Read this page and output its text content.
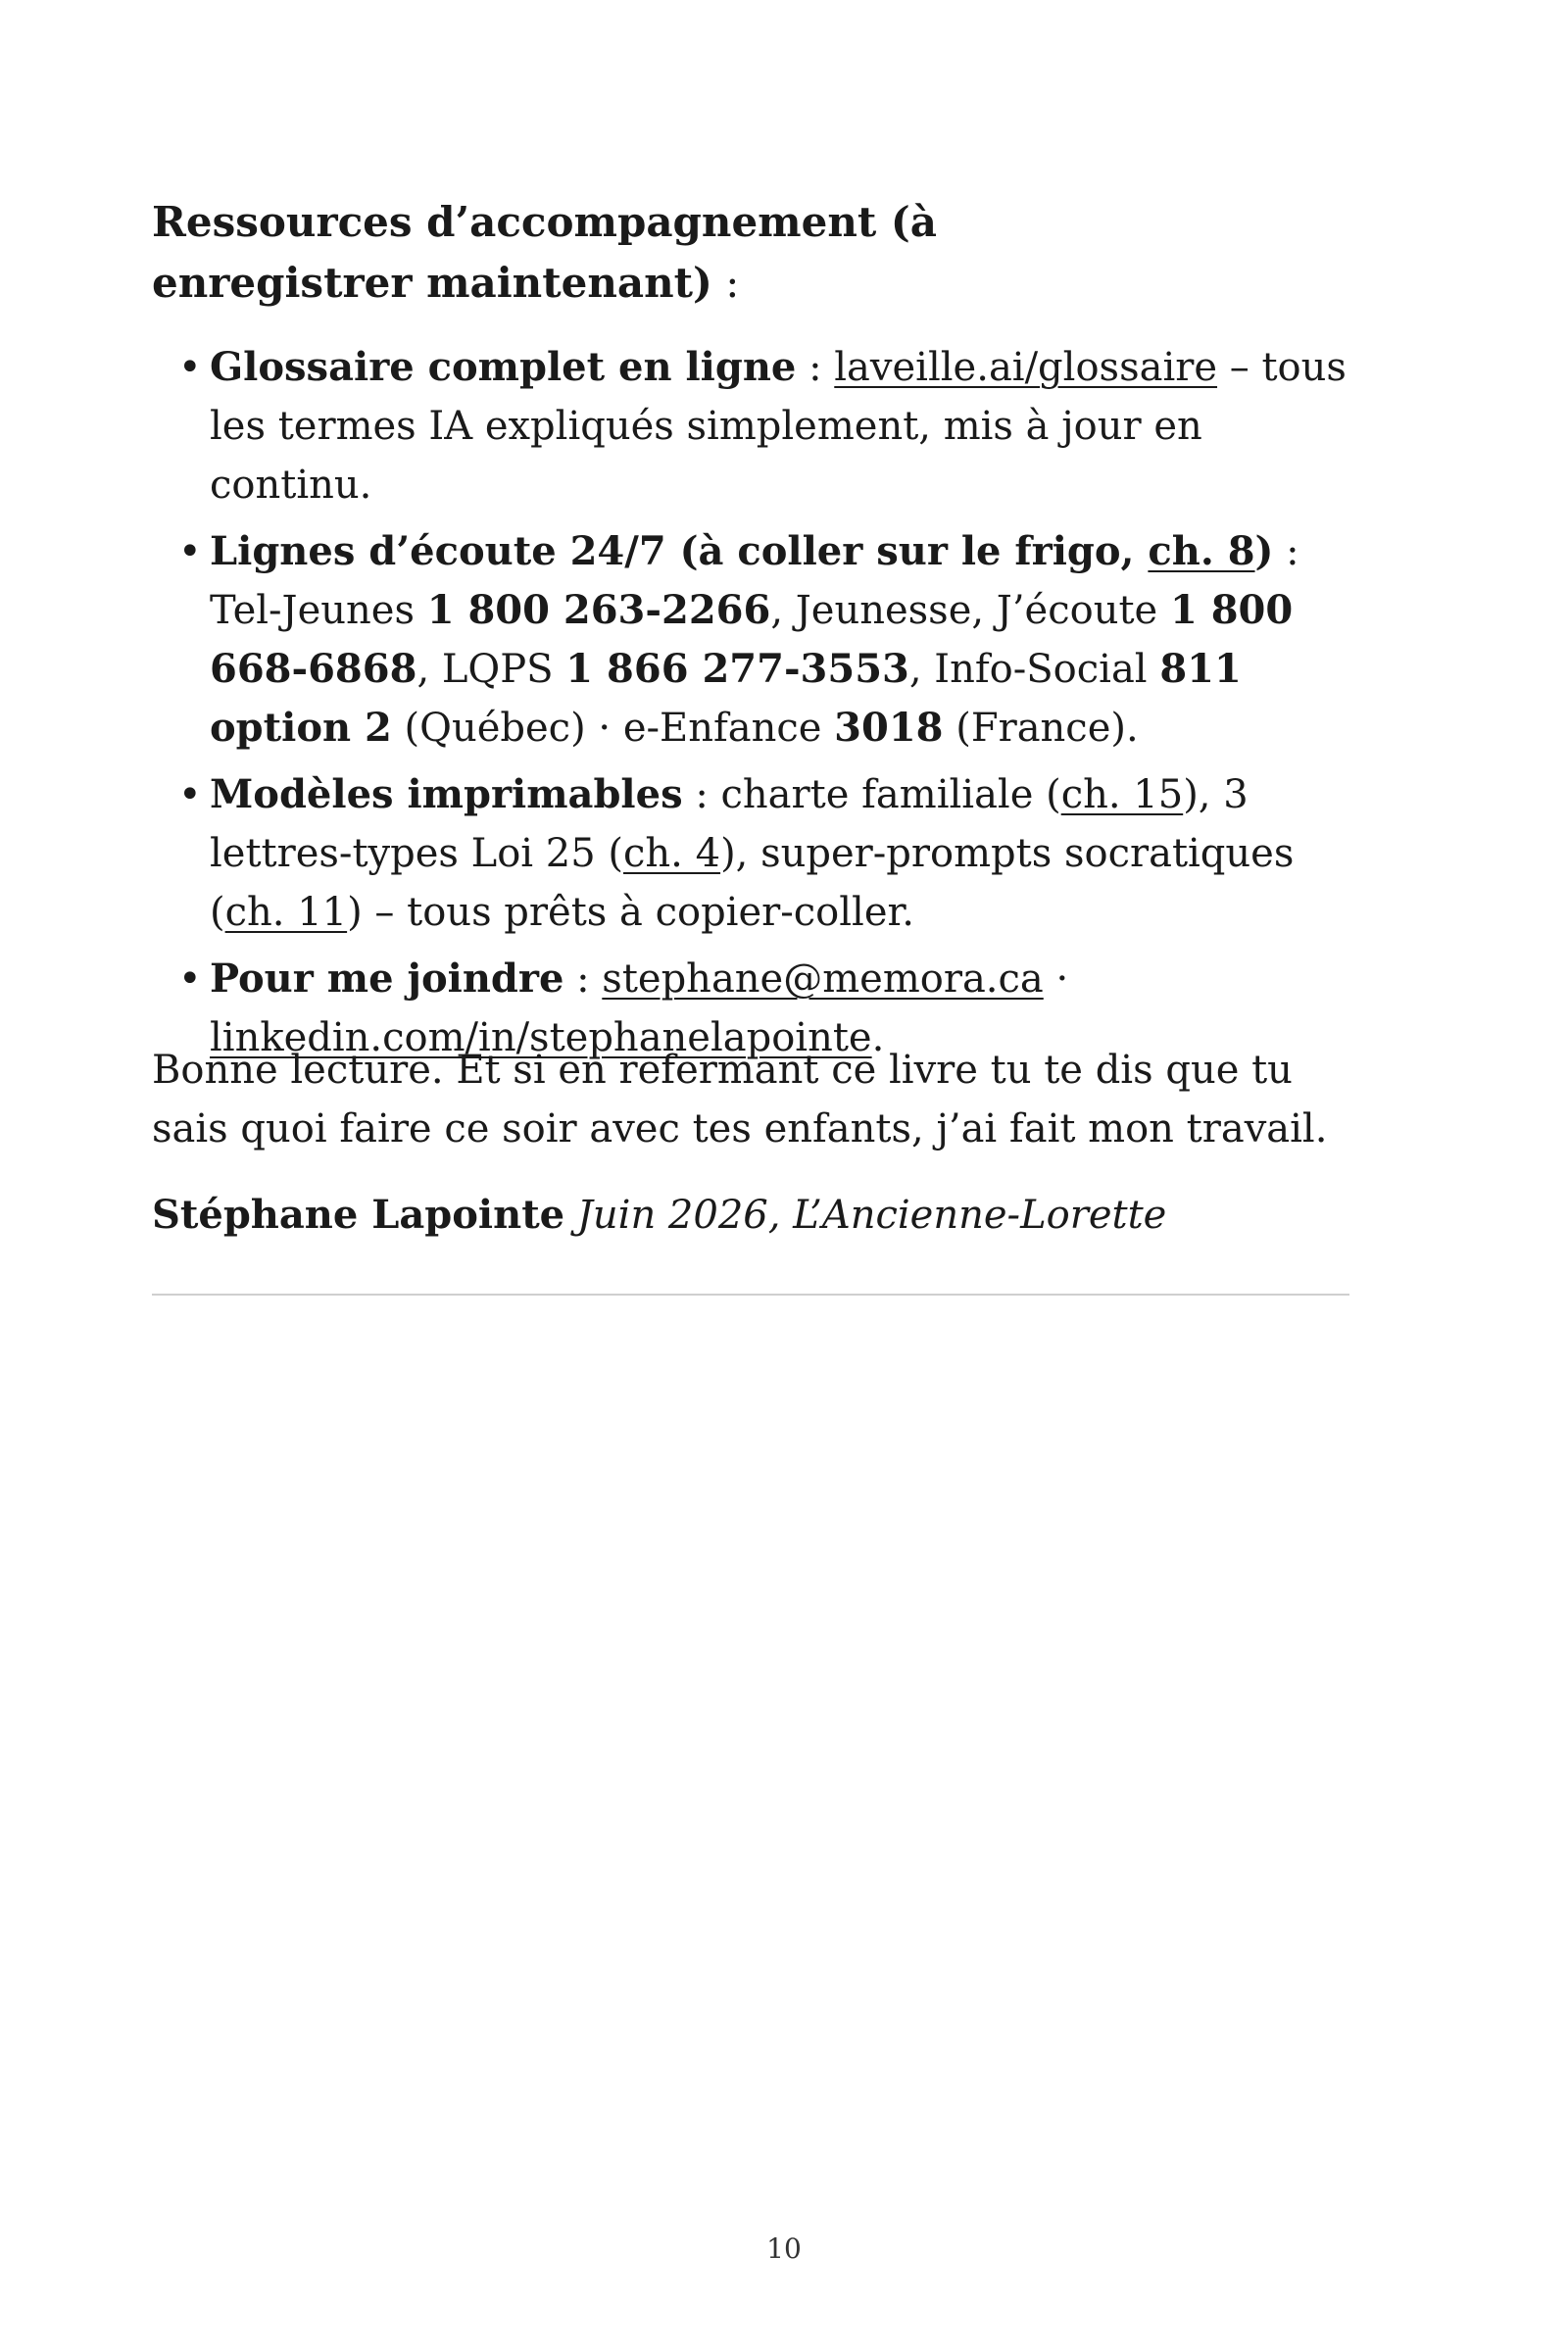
Ressources d’accompagnement (à enregistrer maintenant) :

• Glossaire complet en ligne : laveille.ai/glossaire – tous les termes IA expliqués simplement, mis à jour en continu.
• Lignes d’écoute 24/7 (à coller sur le frigo, ch. 8) : Tel-Jeunes 1 800 263-2266, Jeunesse, J’écoute 1 800 668-6868, LQPS 1 866 277-3553, Info-Social 811 option 2 (Québec) · e-Enfance 3018 (France).
• Modèles imprimables : charte familiale (ch. 15), 3 lettres-types Loi 25 (ch. 4), super-prompts socratiques (ch. 11) – tous prêts à copier-coller.
• Pour me joindre : stephane@memora.ca · linkedin.com/in/stephanelapointe.

Bonne lecture. Et si en refermant ce livre tu te dis que tu sais quoi faire ce soir avec tes enfants, j’ai fait mon travail.

Stéphane Lapointe Juin 2026, L’Ancienne-Lorette

10
